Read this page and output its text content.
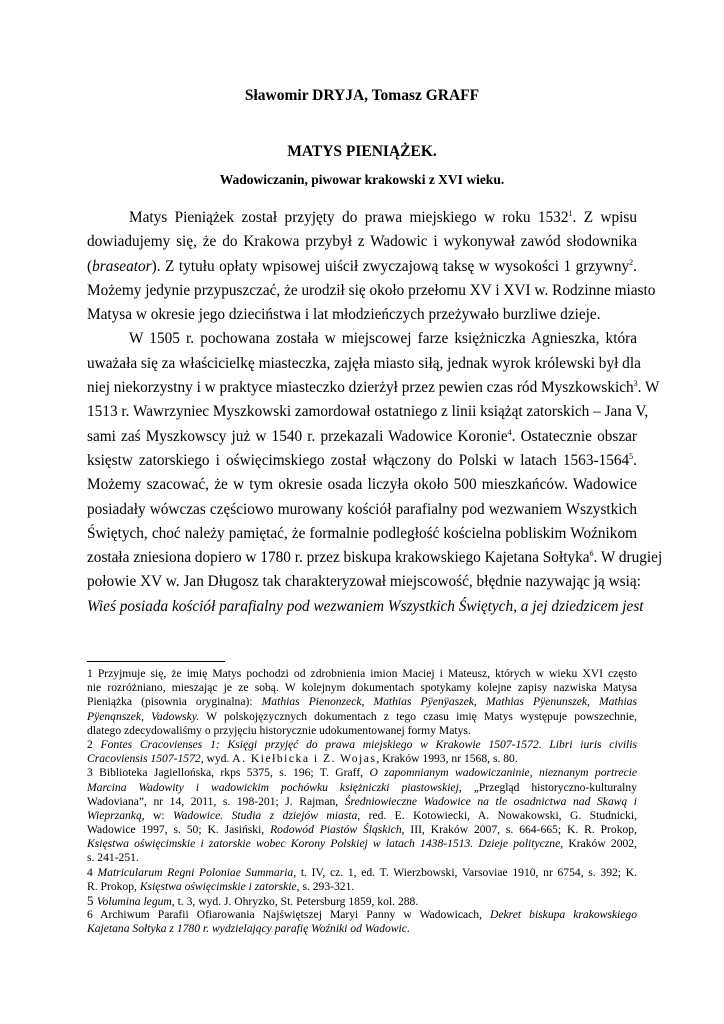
Sławomir DRYJA, Tomasz GRAFF
MATYS PIENIĄŻEK.
Wadowiczanin, piwowar krakowski z XVI wieku.
Matys Pieniążek został przyjęty do prawa miejskiego w roku 1532$^1$. Z wpisu
dowiadujemy się, że do Krakowa przybył z Wadowic i wykonywał zawód słodownika
(braseator). Z tytułu opłaty wpisowej uiścił zwyczajową taksę w wysokości 1 grzywny$^2$.
Możemy jedynie przypuszczać, że urodził się około przełomu XV i XVI w. Rodzinne miasto
Matysa w okresie jego dzieciństwa i lat młodzieńczych przeżywało burzliwe dzieje.
W 1505 r. pochowana została w miejscowej farze księżniczka Agnieszka, która
uważała się za właścicielkę miasteczka, zajęła miasto siłą, jednak wyrok królewski był dla
niej niekorzystny i w praktyce miasteczko dzierżył przez pewien czas ród Myszkowskich$^3$. W
1513 r. Wawrzyniec Myszkowski zamordował ostatniego z linii książąt zatorskich – Jana V,
sami zaś Myszkowscy już w 1540 r. przekazali Wadowice Koronie$^4$. Ostatecznie obszar
księstw zatorskiego i oświęcimskiego został włączony do Polski w latach 1563-1564$^5$.
Możemy szacować, że w tym okresie osada liczyła około 500 mieszkańców. Wadowice
posiadały wówczas częściowo murowany kościół parafialny pod wezwaniem Wszystkich
Świętych, choć należy pamiętać, że formalnie podległość kościelna pobliskim Woźnikom
została zniesiona dopiero w 1780 r. przez biskupa krakowskiego Kajetana Sołtyka$^6$. W drugiej
połowie XV w. Jan Długosz tak charakteryzował miejscowość, błędnie nazywając ją wsią:
Wieś posiada kościół parafialny pod wezwaniem Wszystkich Świętych, a jej dziedzicem jest
1 Przyjmuje się, że imię Matys pochodzi od zdrobnienia imion Maciej i Mateusz, których w wieku XVI często
nie rozróżniano, mieszając je ze sobą. W kolejnym dokumentach spotykamy kolejne zapisy nazwiska Matysa
Pieniążka (pisownia oryginalna): Mathias Pienonzeck, Mathias Pÿenÿaszek, Mathias Pÿenunszek, Mathias
Pÿenąnszek, Vadowsky. W polskojęzycznych dokumentach z tego czasu imię Matys występuje powszechnie,
dlatego zdecydowaliśmy o przyjęciu historycznie udokumentowanej formy Matys.
2 Fontes Cracovienses 1: Księgi przyjęć do prawa miejskiego w Krakowie 1507-1572. Libri iuris civilis
Cracoviensis 1507-1572, wyd. A. Kiełbicka i Z. Wojas, Kraków 1993, nr 1568, s. 80.
3 Biblioteka Jagiellońska, rkps 5375, s. 196; T. Graff, O zapomnianym wadowiczaninie, nieznanym portrecie
Marcina Wadowity i wadowickim pochówku księżniczki piastowskiej, „Przegląd historyczno-kulturalny
Wadoviana”, nr 14, 2011, s. 198-201; J. Rajman, Średniowieczne Wadowice na tle osadnictwa nad Skawą i
Wieprzanką, w: Wadowice. Studia z dziejów miasta, red. E. Kotowiecki, A. Nowakowski, G. Studnicki,
Wadowice 1997, s. 50; K. Jasiński, Rodowód Piastów Śląskich, III, Kraków 2007, s. 664-665; K. R. Prokop,
Księstwa oświęcimskie i zatorskie wobec Korony Polskiej w latach 1438-1513. Dzieje polityczne, Kraków 2002,
s. 241-251.
4 Matricularum Regni Poloniae Summaria, t. IV, cz. 1, ed. T. Wierzbowski, Varsoviae 1910, nr 6754, s. 392; K.
R. Prokop, Księstwa oświęcimskie i zatorskie, s. 293-321.
5 Volumina legum, t. 3, wyd. J. Ohryzko, St. Petersburg 1859, kol. 288.
6 Archiwum Parafii Ofiarowania Najświętszej Maryi Panny w Wadowicach, Dekret biskupa krakowskiego
Kajetana Sołtyka z 1780 r. wydzielający parafię Woźniki od Wadowic.
